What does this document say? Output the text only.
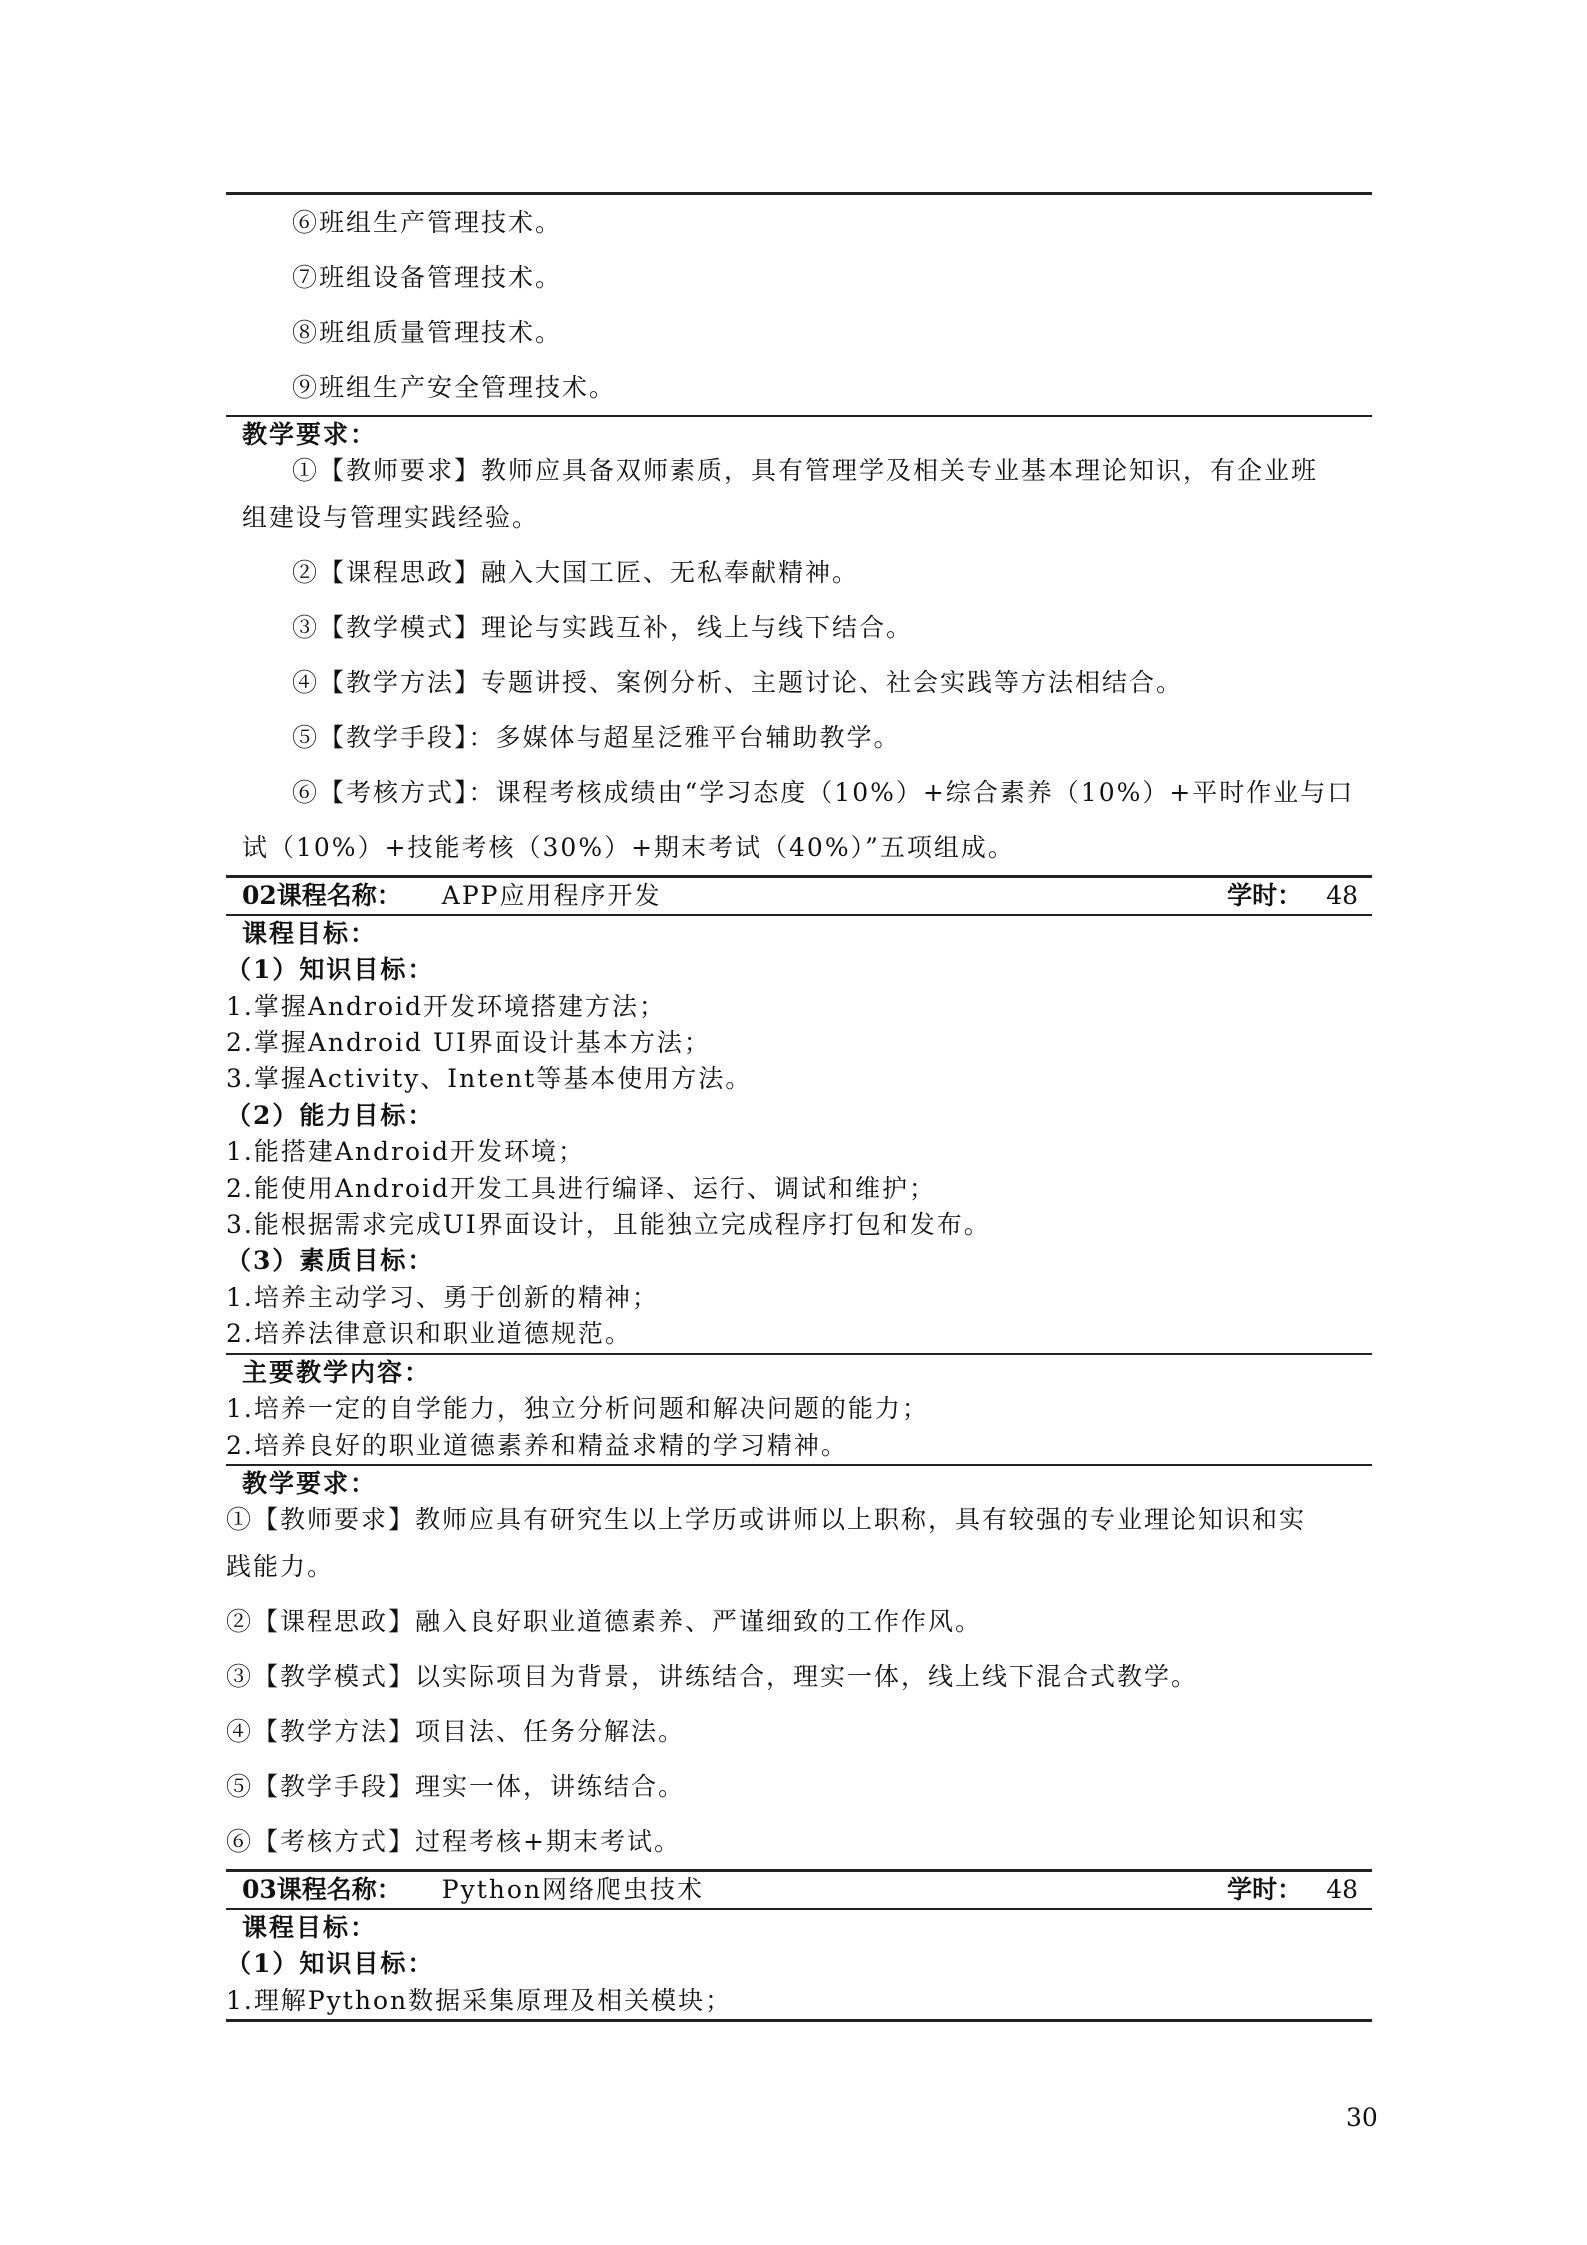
⑥班组生产管理技术。
⑦班组设备管理技术。
⑧班组质量管理技术。
⑨班组生产安全管理技术。
教学要求：
①【教师要求】教师应具备双师素质，具有管理学及相关专业基本理论知识，有企业班
组建设与管理实践经验。
②【课程思政】融入大国工匠、无私奉献精神。
③【教学模式】理论与实践互补，线上与线下结合。
④【教学方法】专题讲授、案例分析、主题讨论、社会实践等方法相结合。
⑤【教学手段】：多媒体与超星泛雅平台辅助教学。
⑥【考核方式】：课程考核成绩由“学习态度（10%）+综合素养（10%）+平时作业与口
试（10%）+技能考核（30%）+期末考试（40%）”五项组成。
02课程名称： APP应用程序开发	学时： 48
课程目标：
（1）知识目标：
1.掌握Android开发环境搭建方法；
2.掌握Android UI界面设计基本方法；
3.掌握Activity、Intent等基本使用方法。
（2）能力目标：
1.能搭建Android开发环境；
2.能使用Android开发工具进行编译、运行、调试和维护；
3.能根据需求完成UI界面设计，且能独立完成程序打包和发布。
（3）素质目标：
1.培养主动学习、勇于创新的精神；
2.培养法律意识和职业道德规范。
主要教学内容：
1.培养一定的自学能力，独立分析问题和解决问题的能力；
2.培养良好的职业道德素养和精益求精的学习精神。
教学要求：
①【教师要求】教师应具有研究生以上学历或讲师以上职称，具有较强的专业理论知识和实
践能力。
②【课程思政】融入良好职业道德素养、严谨细致的工作作风。
③【教学模式】以实际项目为背景，讲练结合，理实一体，线上线下混合式教学。
④【教学方法】项目法、任务分解法。
⑤【教学手段】理实一体，讲练结合。
⑥【考核方式】过程考核+期末考试。
03课程名称： Python网络爬虫技术	学时： 48
课程目标：
（1）知识目标：
1.理解Python数据采集原理及相关模块；
30
